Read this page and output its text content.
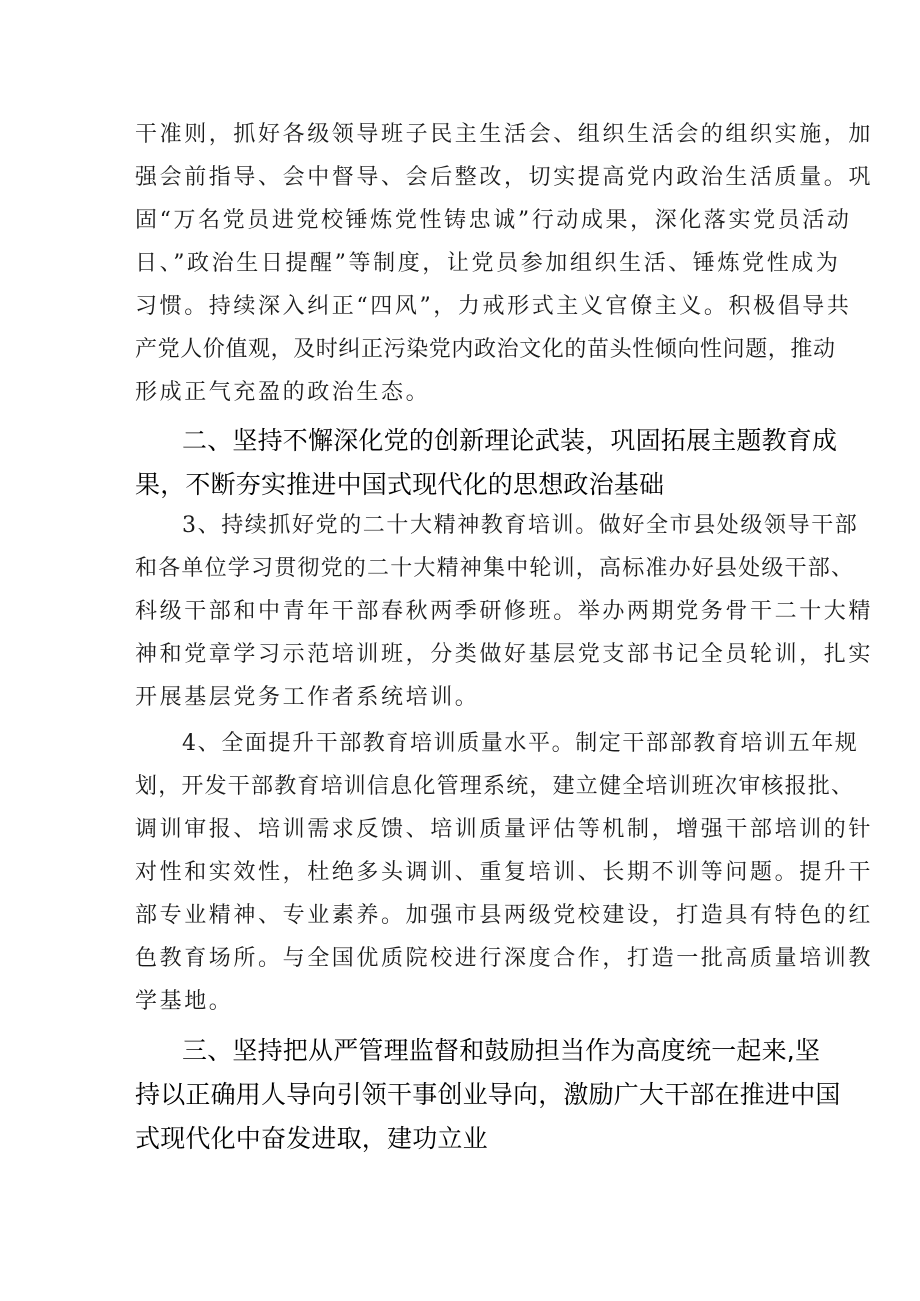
干准则，抓好各级领导班子民主生活会、组织生活会的组织实施，加
强会前指导、会中督导、会后整改，切实提高党内政治生活质量。巩
固“万名党员进党校锤炼党性铸忠诚”行动成果，深化落实党员活动
日、”政治生日提醒”等制度，让党员参加组织生活、锤炼党性成为
习惯。持续深入纠正“四风”，力戒形式主义官僚主义。积极倡导共
产党人价值观，及时纠正污染党内政治文化的苗头性倾向性问题，推动
形成正气充盈的政治生态。
二、坚持不懈深化党的创新理论武装，巩固拓展主题教育成
果，不断夯实推进中国式现代化的思想政治基础
3、持续抓好党的二十大精神教育培训。做好全市县处级领导干部
和各单位学习贯彻党的二十大精神集中轮训，高标准办好县处级干部、
科级干部和中青年干部春秋两季研修班。举办两期党务骨干二十大精
神和党章学习示范培训班，分类做好基层党支部书记全员轮训，扎实
开展基层党务工作者系统培训。
4、全面提升干部教育培训质量水平。制定干部部教育培训五年规
划，开发干部教育培训信息化管理系统，建立健全培训班次审核报批、
调训审报、培训需求反馈、培训质量评估等机制，增强干部培训的针
对性和实效性，杜绝多头调训、重复培训、长期不训等问题。提升干
部专业精神、专业素养。加强市县两级党校建设，打造具有特色的红
色教育场所。与全国优质院校进行深度合作，打造一批高质量培训教
学基地。
三、坚持把从严管理监督和鼓励担当作为高度统一起来,坚
持以正确用人导向引领干事创业导向，激励广大干部在推进中国
式现代化中奋发进取，建功立业
